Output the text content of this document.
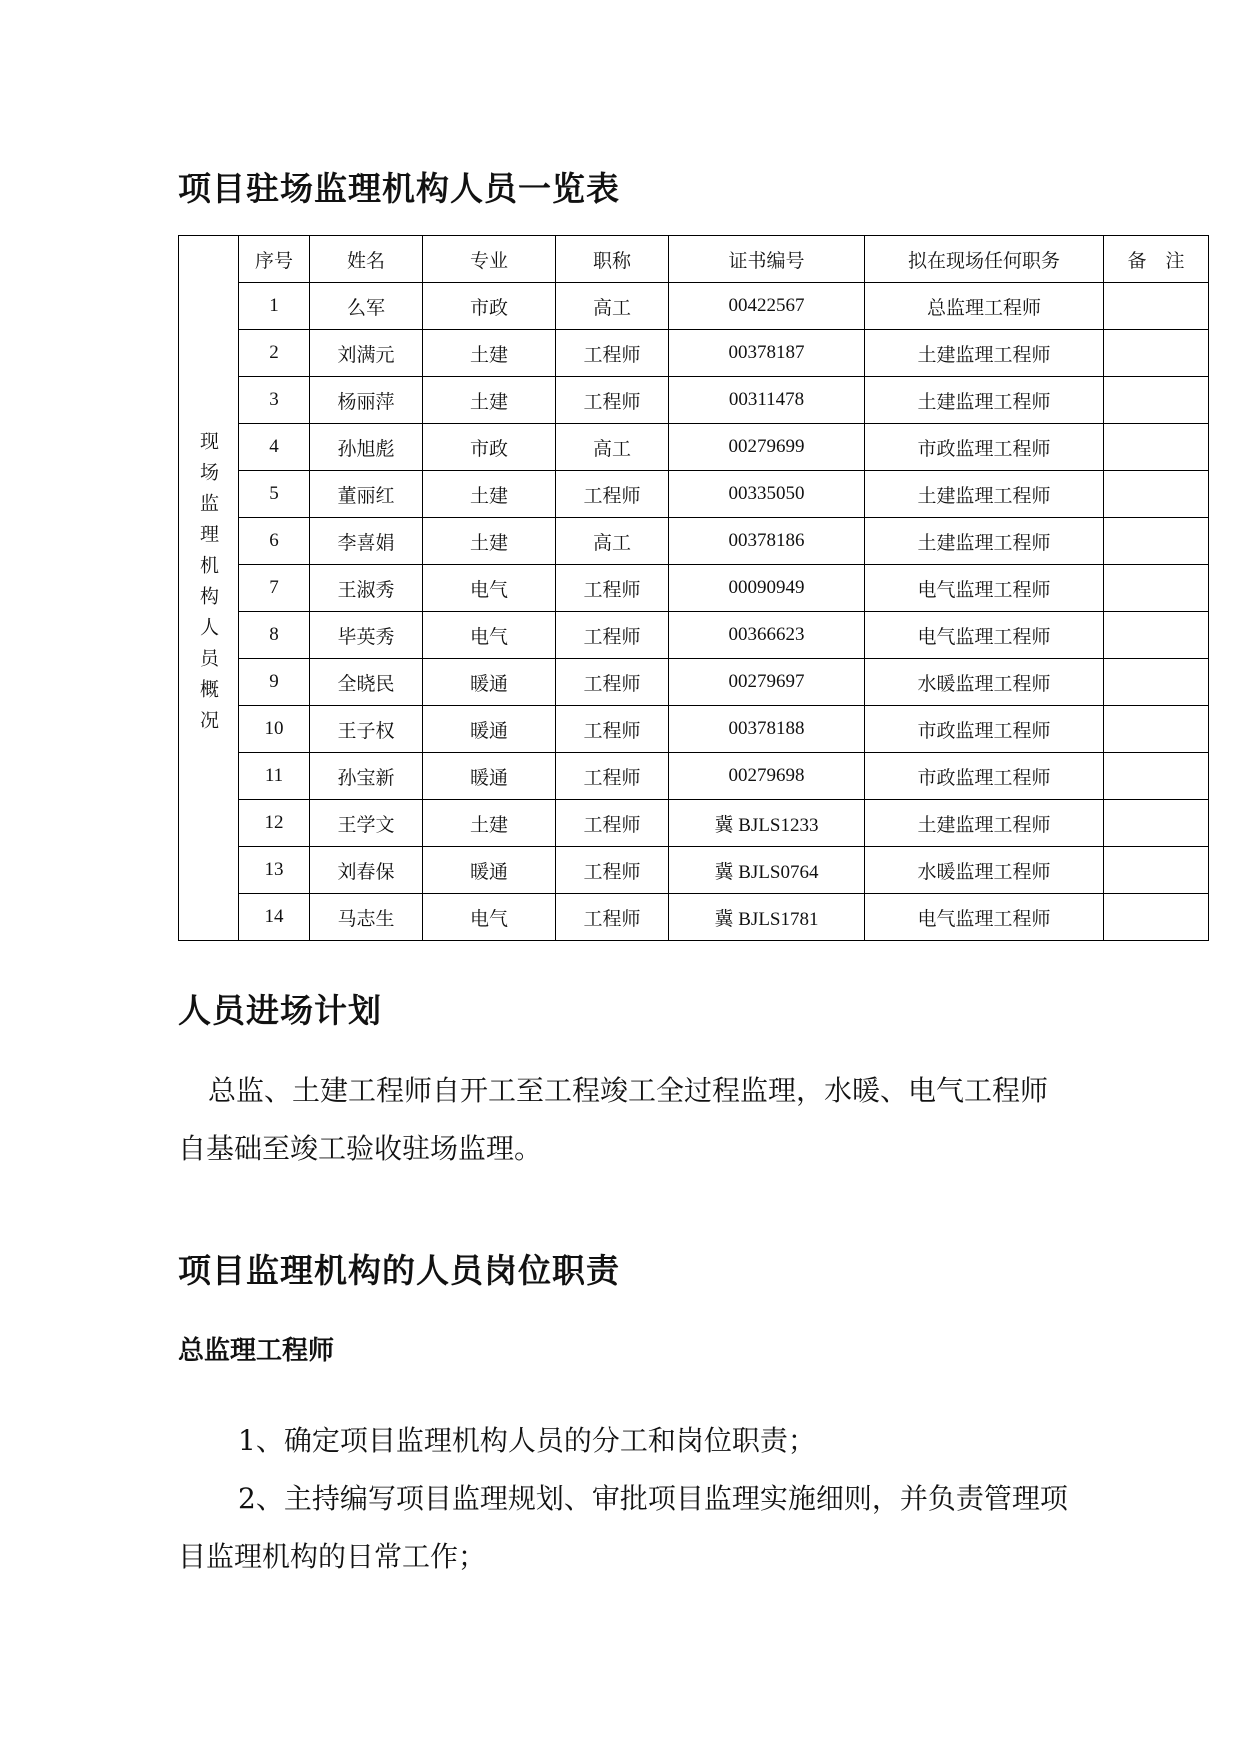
项目驻场监理机构人员一览表
现场监理机构人员概况	序号	姓名	专业	职称	证书编号	拟在现场任何职务	备　注
	1	么军	市政	高工	00422567	总监理工程师	
	2	刘满元	土建	工程师	00378187	土建监理工程师	
	3	杨丽萍	土建	工程师	00311478	土建监理工程师	
	4	孙旭彪	市政	高工	00279699	市政监理工程师	
	5	董丽红	土建	工程师	00335050	土建监理工程师	
	6	李喜娟	土建	高工	00378186	土建监理工程师	
	7	王淑秀	电气	工程师	00090949	电气监理工程师	
	8	毕英秀	电气	工程师	00366623	电气监理工程师	
	9	全晓民	暖通	工程师	00279697	水暖监理工程师	
	10	王子权	暖通	工程师	00378188	市政监理工程师	
	11	孙宝新	暖通	工程师	00279698	市政监理工程师	
	12	王学文	土建	工程师	冀 BJLS1233	土建监理工程师	
	13	刘春保	暖通	工程师	冀 BJLS0764	水暖监理工程师	
	14	马志生	电气	工程师	冀 BJLS1781	电气监理工程师	
人员进场计划
总监、土建工程师自开工至工程竣工全过程监理，水暖、电气工程师
自基础至竣工验收驻场监理。
项目监理机构的人员岗位职责
总监理工程师
1、确定项目监理机构人员的分工和岗位职责；
2、主持编写项目监理规划、审批项目监理实施细则，并负责管理项
目监理机构的日常工作；
